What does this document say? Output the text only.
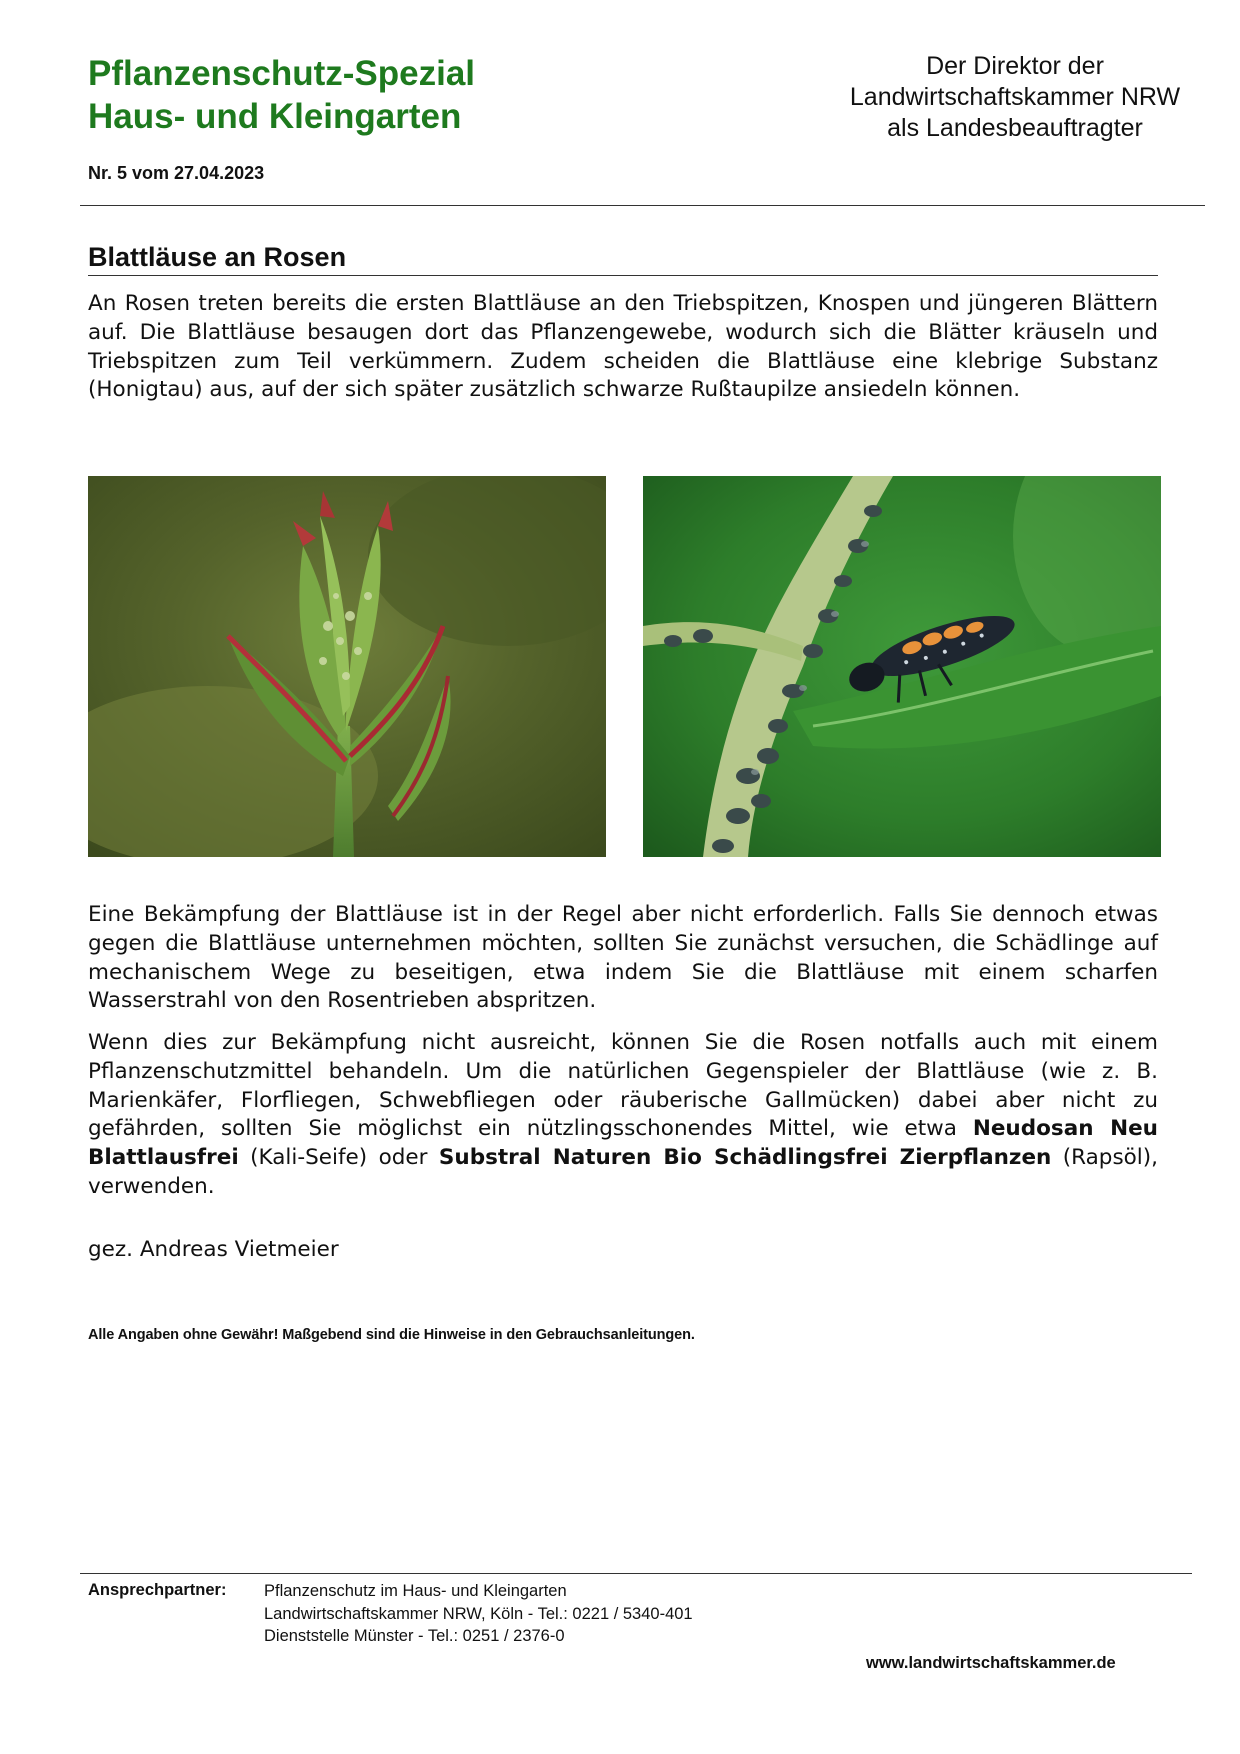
Pflanzenschutz-Spezial
Haus- und Kleingarten
Der Direktor der
Landwirtschaftskammer NRW
als Landesbeauftragter
Nr. 5 vom 27.04.2023
Blattläuse an Rosen
An Rosen treten bereits die ersten Blattläuse an den Triebspitzen, Knospen und jüngeren Blättern auf. Die Blattläuse besaugen dort das Pflanzengewebe, wodurch sich die Blätter kräuseln und Triebspitzen zum Teil verkümmern. Zudem scheiden die Blattläuse eine klebrige Substanz (Honigtau) aus, auf der sich später zusätzlich schwarze Rußtaupilze ansiedeln können.
Eine Bekämpfung der Blattläuse ist in der Regel aber nicht erforderlich. Falls Sie dennoch etwas gegen die Blattläuse unternehmen möchten, sollten Sie zunächst versuchen, die Schädlinge auf mechanischem Wege zu beseitigen, etwa indem Sie die Blattläuse mit einem scharfen Wasserstrahl von den Rosentrieben abspritzen.
Wenn dies zur Bekämpfung nicht ausreicht, können Sie die Rosen notfalls auch mit einem Pflanzenschutzmittel behandeln. Um die natürlichen Gegenspieler der Blattläuse (wie z. B. Marienkäfer, Florfliegen, Schwebfliegen oder räuberische Gallmücken) dabei aber nicht zu gefährden, sollten Sie möglichst ein nützlingsschonendes Mittel, wie etwa Neudosan Neu Blattlausfrei (Kali-Seife) oder Substral Naturen Bio Schädlingsfrei Zierpflanzen (Rapsöl), verwenden.
gez. Andreas Vietmeier
Alle Angaben ohne Gewähr! Maßgebend sind die Hinweise in den Gebrauchsanleitungen.
Ansprechpartner: Pflanzenschutz im Haus- und Kleingarten
Landwirtschaftskammer NRW, Köln - Tel.: 0221 / 5340-401
Dienststelle Münster - Tel.: 0251 / 2376-0
www.landwirtschaftskammer.de
